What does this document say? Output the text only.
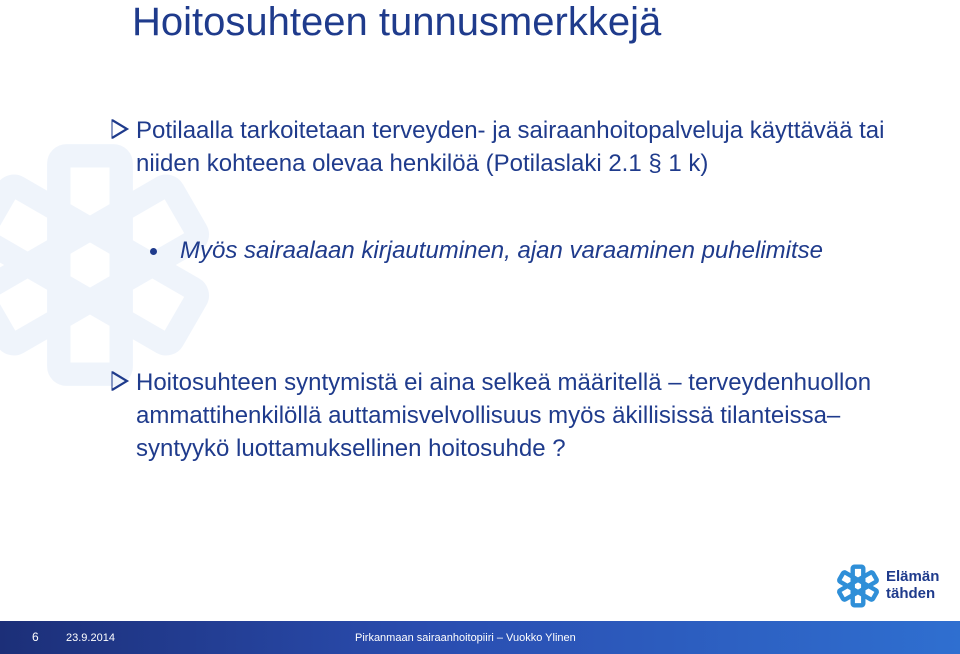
Hoitosuhteen tunnusmerkkejä
Potilaalla tarkoitetaan terveyden- ja sairaanhoitopalveluja käyttävää tai niiden kohteena olevaa henkilöä (Potilaslaki 2.1 § 1 k)
Myös sairaalaan kirjautuminen, ajan varaaminen puhelimitse
Hoitosuhteen syntymistä ei aina selkeä määritellä – terveydenhuollon ammattihenkilöllä auttamisvelvollisuus myös äkillisissä tilanteissa– syntyykö luottamuksellinen hoitosuhde ?
Elämän
tähden
6 23.9.2014	Pirkanmaan sairaanhoitopiiri – Vuokko Ylinen
